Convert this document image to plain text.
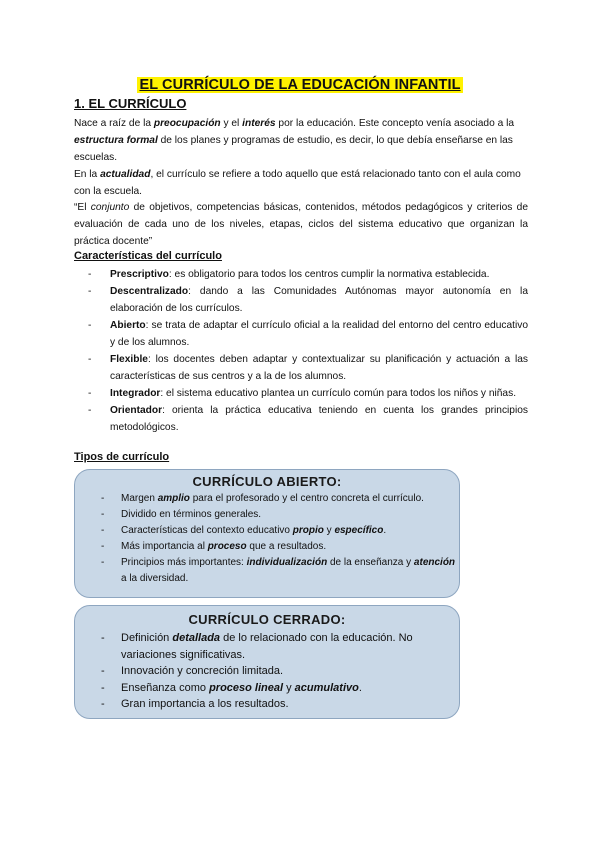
EL CURRÍCULO DE LA EDUCACIÓN INFANTIL
1. EL CURRÍCULO
Nace a raíz de la preocupación y el interés por la educación. Este concepto venía asociado a la estructura formal de los planes y programas de estudio, es decir, lo que debía enseñarse en las escuelas.
En la actualidad, el currículo se refiere a todo aquello que está relacionado tanto con el aula como con la escuela.
“El conjunto de objetivos, competencias básicas, contenidos, métodos pedagógicos y criterios de evaluación de cada uno de los niveles, etapas, ciclos del sistema educativo que organizan la práctica docente”
Características del currículo
- Prescriptivo: es obligatorio para todos los centros cumplir la normativa establecida.
- Descentralizado: dando a las Comunidades Autónomas mayor autonomía en la elaboración de los currículos.
- Abierto: se trata de adaptar el currículo oficial a la realidad del entorno del centro educativo y de los alumnos.
- Flexible: los docentes deben adaptar y contextualizar su planificación y actuación a las características de sus centros y a la de los alumnos.
- Integrador: el sistema educativo plantea un currículo común para todos los niños y niñas.
- Orientador: orienta la práctica educativa teniendo en cuenta los grandes principios metodológicos.
Tipos de currículo
CURRÍCULO ABIERTO:
- Margen amplio para el profesorado y el centro concreta el currículo.
- Dividido en términos generales.
- Características del contexto educativo propio y específico.
- Más importancia al proceso que a resultados.
- Principios más importantes: individualización de la enseñanza y atención a la diversidad.
CURRÍCULO CERRADO:
- Definición detallada de lo relacionado con la educación. No variaciones significativas.
- Innovación y concreción limitada.
- Enseñanza como proceso lineal y acumulativo.
- Gran importancia a los resultados.
